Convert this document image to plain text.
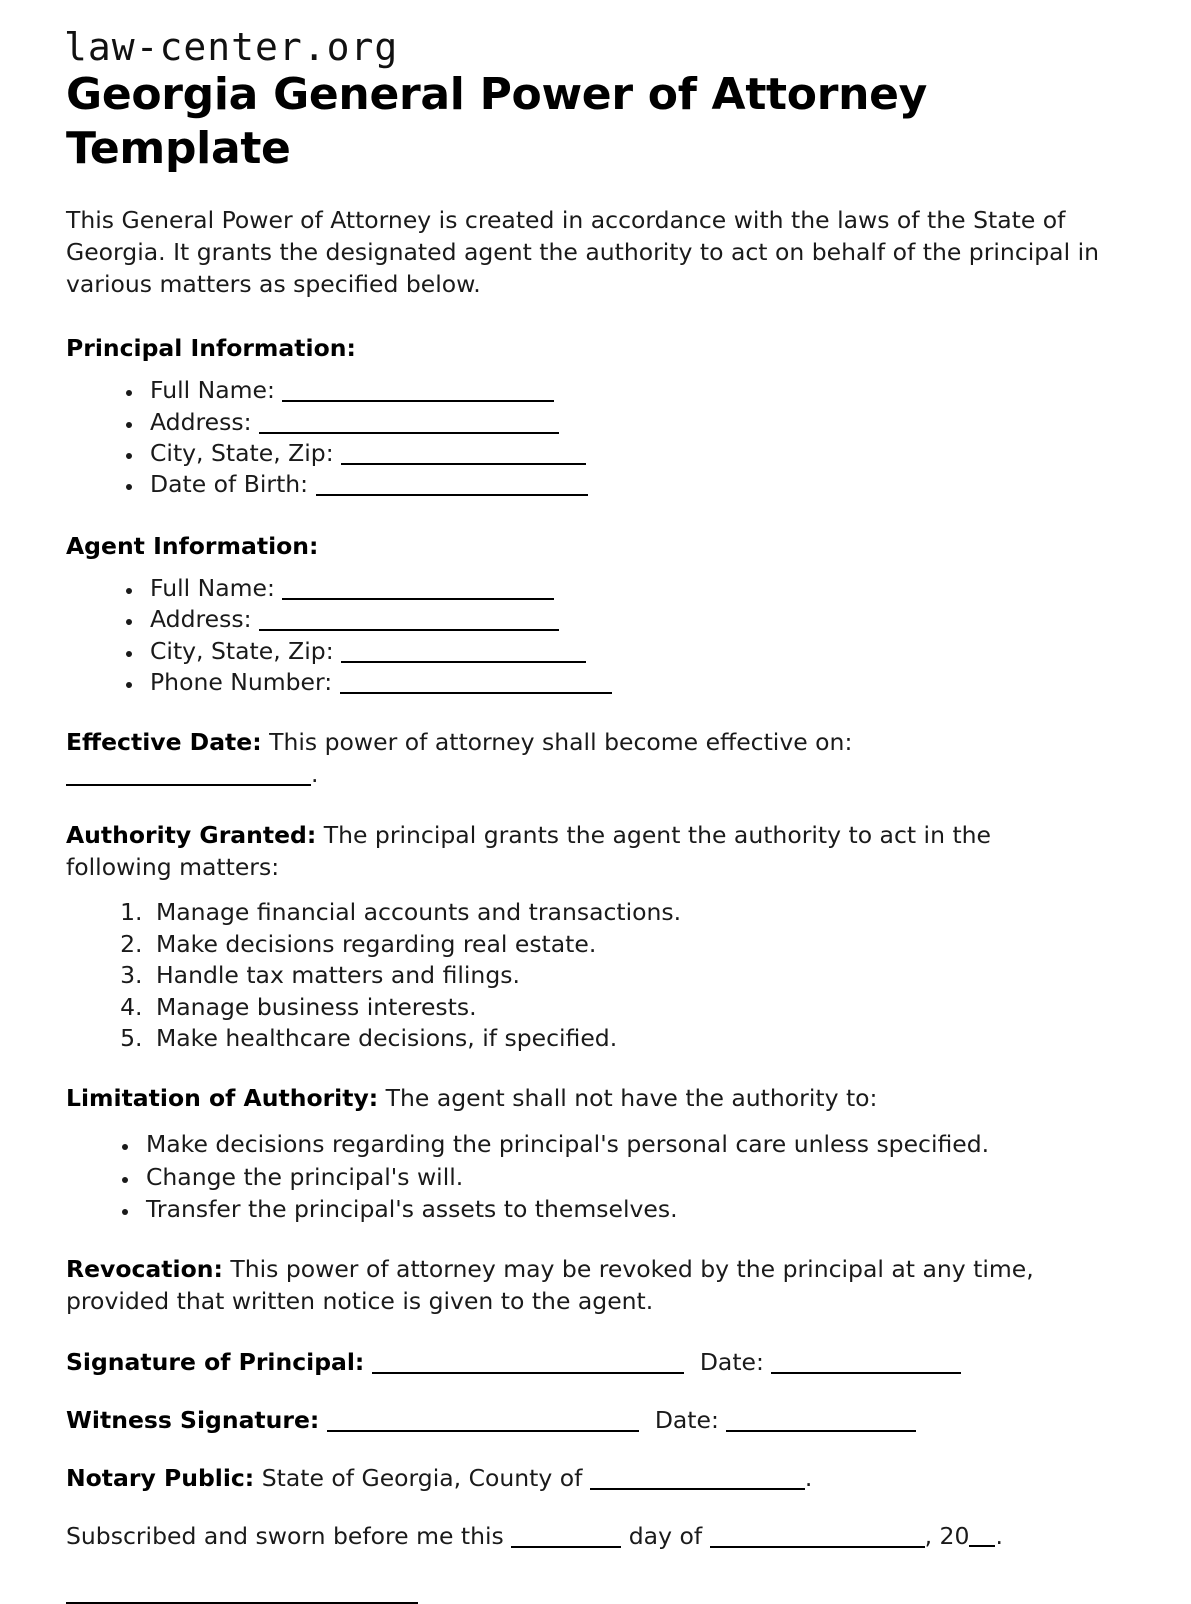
law-center.org
Georgia General Power of Attorney Template

This General Power of Attorney is created in accordance with the laws of the State of Georgia. It grants the designated agent the authority to act on behalf of the principal in various matters as specified below.

Principal Information:
• Full Name:
• Address:
• City, State, Zip:
• Date of Birth:
Agent Information:
• Full Name:
• Address:
• City, State, Zip:
• Phone Number:

Effective Date: This power of attorney shall become effective on: .

Authority Granted: The principal grants the agent the authority to act in the following matters:

1. Manage financial accounts and transactions.
2. Make decisions regarding real estate.
3. Handle tax matters and filings.
4. Manage business interests.
5. Make healthcare decisions, if specified.

Limitation of Authority: The agent shall not have the authority to:

• Make decisions regarding the principal's personal care unless specified.
• Change the principal's will.
• Transfer the principal's assets to themselves.

Revocation: This power of attorney may be revoked by the principal at any time, provided that written notice is given to the agent.

Signature of Principal:	Date:
Witness Signature:	Date:
Notary Public: State of Georgia, County of	.
Subscribed and sworn before me this	day of	, 20 .
